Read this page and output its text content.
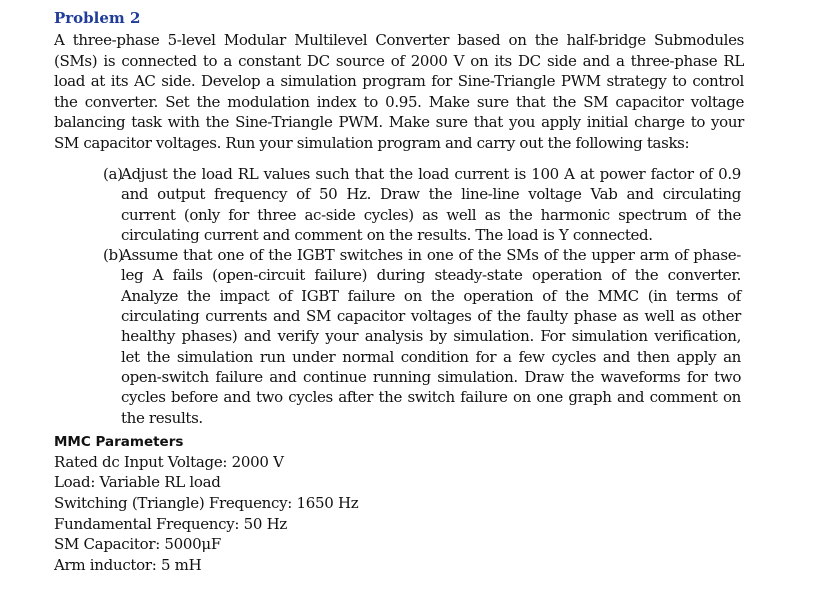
Problem 2

A three-phase 5-level Modular Multilevel Converter based on the half-bridge Submodules (SMs) is connected to a constant DC source of 2000 V on its DC side and a three-phase RL load at its AC side. Develop a simulation program for Sine-Triangle PWM strategy to control the converter. Set the modulation index to 0.95. Make sure that the SM capacitor voltage balancing task with the Sine-Triangle PWM. Make sure that you apply initial charge to your SM capacitor voltages. Run your simulation program and carry out the following tasks:

(a)
Adjust the load RL values such that the load current is 100 A at power factor of 0.9 and output frequency of 50 Hz. Draw the line-line voltage Vab and circulating current (only for three ac-side cycles) as well as the harmonic spectrum of the circulating current and comment on the results. The load is Y connected.
(b)
Assume that one of the IGBT switches in one of the SMs of the upper arm of phase-leg A fails (open-circuit failure) during steady-state operation of the converter. Analyze the impact of IGBT failure on the operation of the MMC (in terms of circulating currents and SM capacitor voltages of the faulty phase as well as other healthy phases) and verify your analysis by simulation. For simulation verification, let the simulation run under normal condition for a few cycles and then apply an open-switch failure and continue running simulation. Draw the waveforms for two cycles before and two cycles after the switch failure on one graph and comment on the results.
MMC Parameters
Rated dc Input Voltage: 2000 V
Load: Variable RL load
Switching (Triangle) Frequency: 1650 Hz
Fundamental Frequency: 50 Hz
SM Capacitor: 5000μF
Arm inductor: 5 mH
